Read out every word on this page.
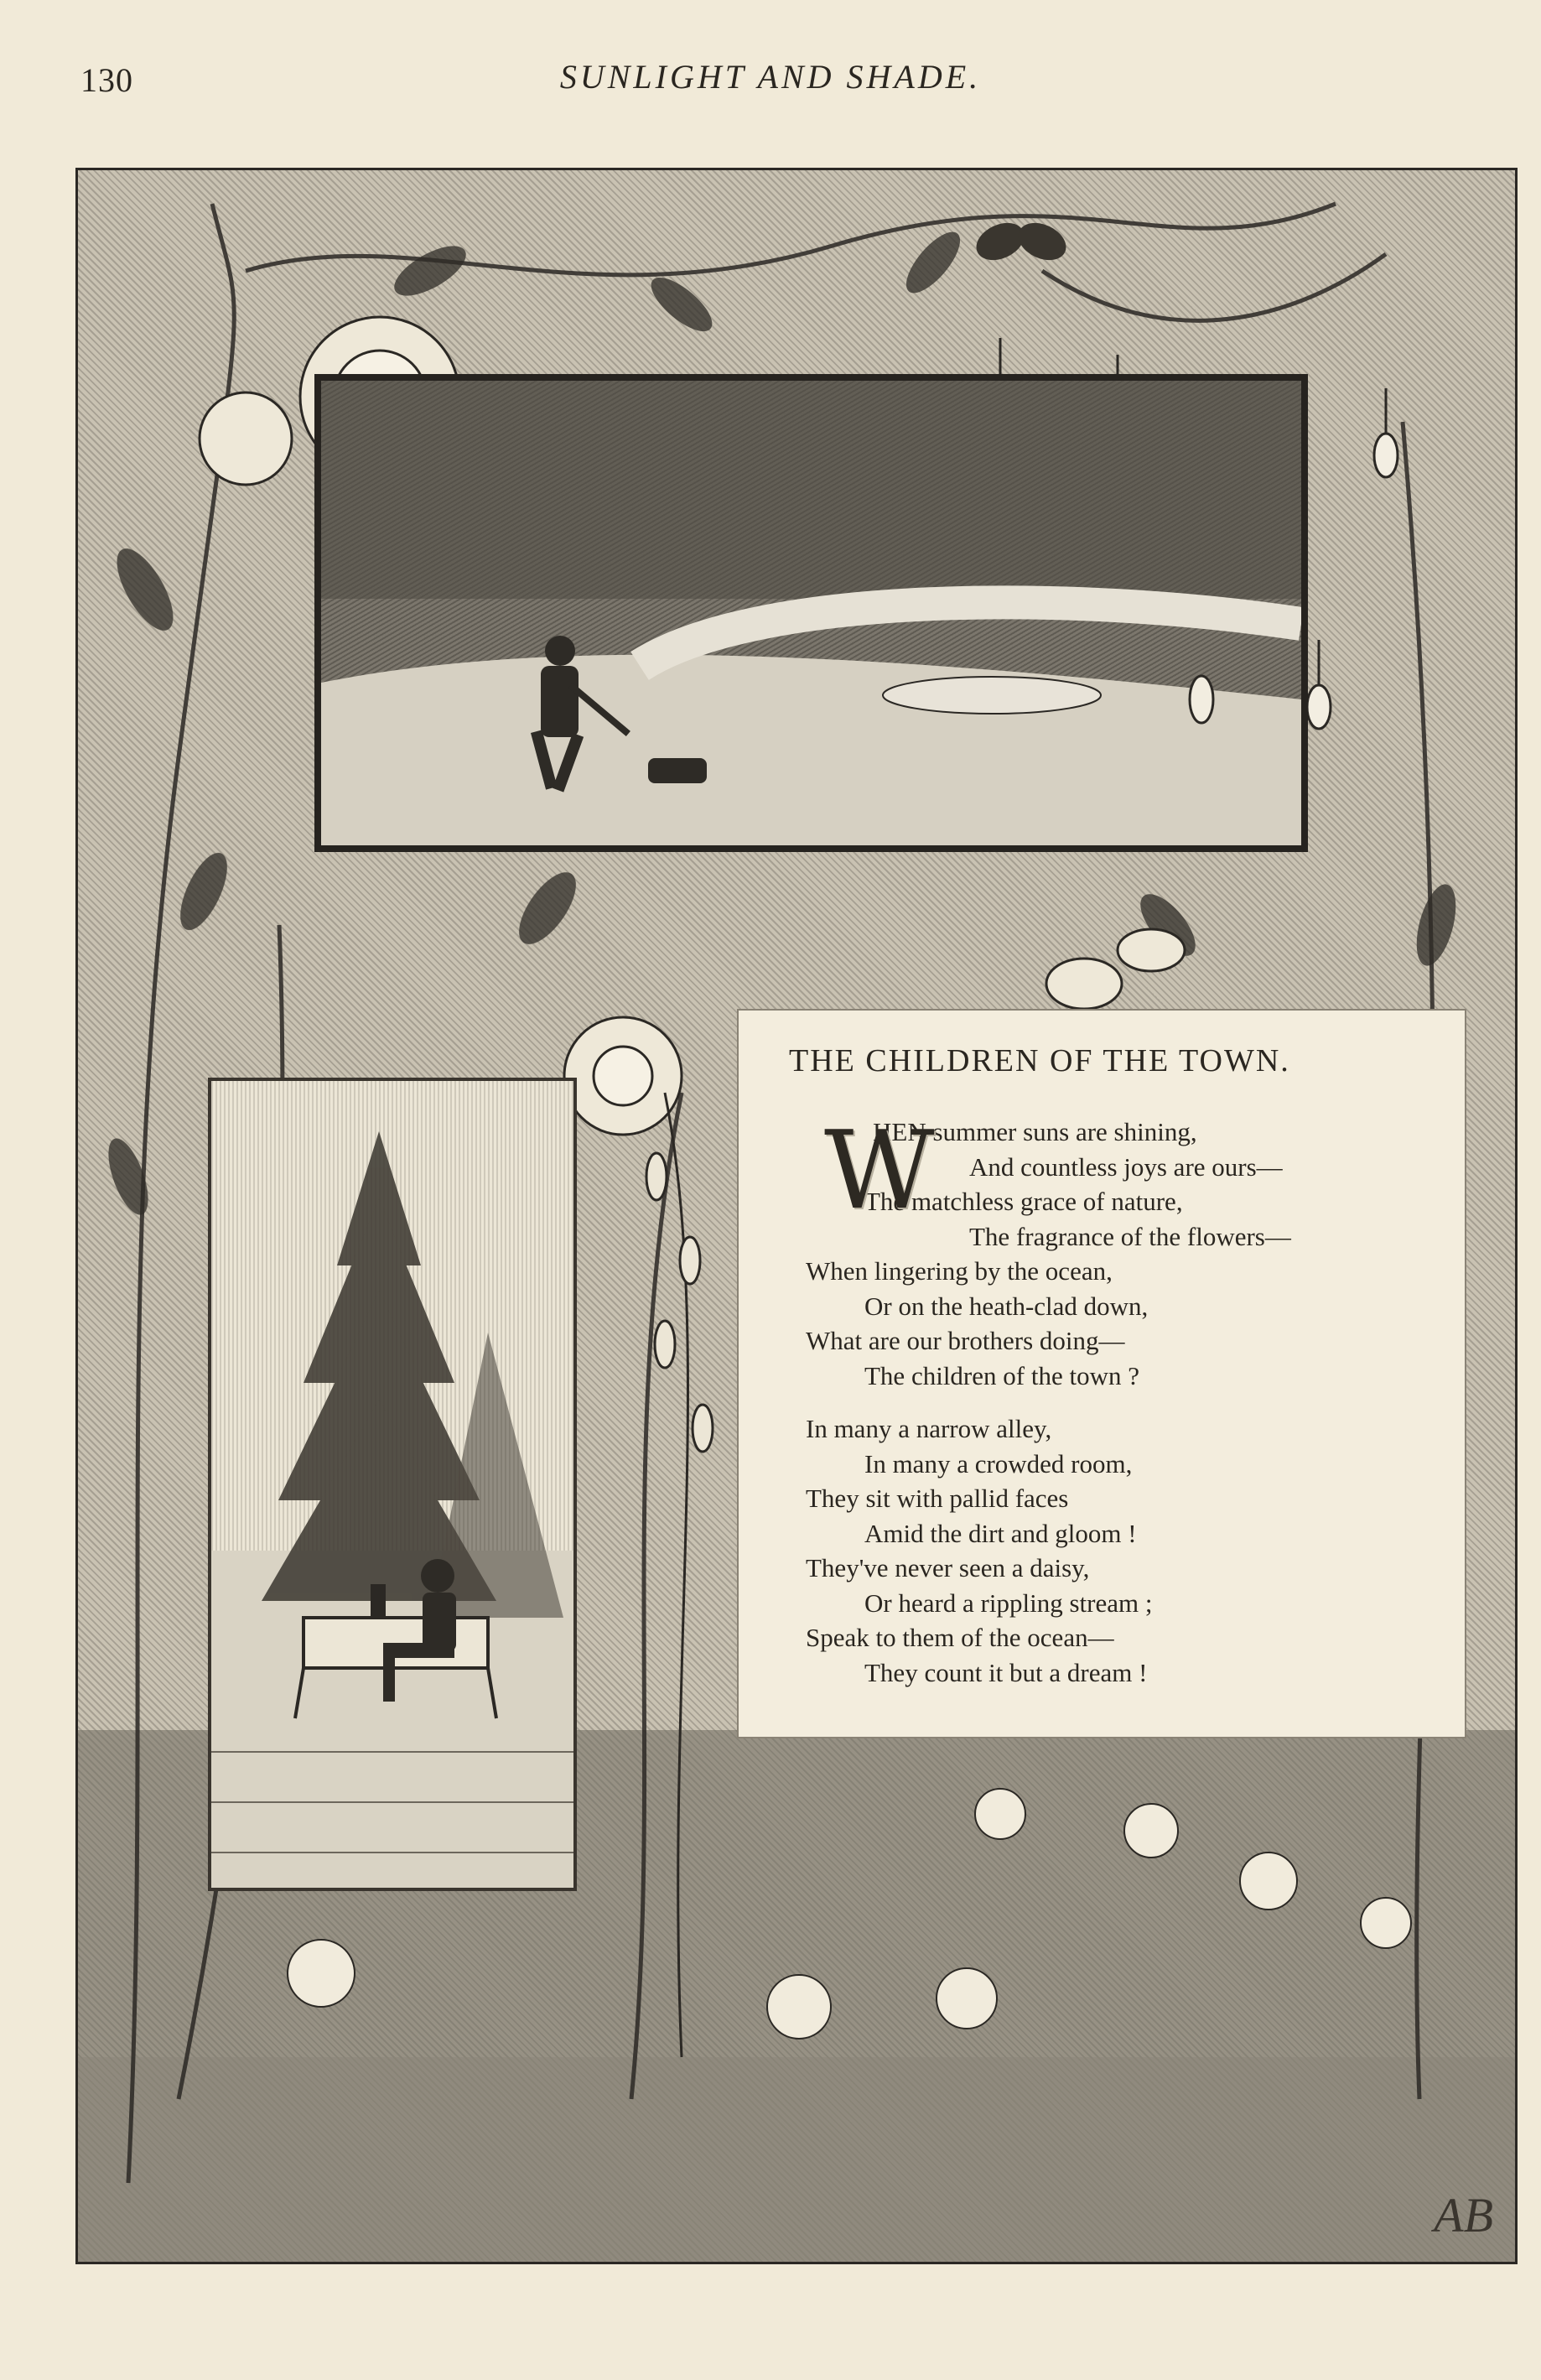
130	SUNLIGHT AND SHADE.
THE CHILDREN OF THE TOWN.
W
HEN summer suns are shining,
And countless joys are ours—
The matchless grace of nature,
The fragrance of the flowers—
When lingering by the ocean,
Or on the heath-clad down,
What are our brothers doing—
The children of the town ?
In many a narrow alley,
In many a crowded room,
They sit with pallid faces
Amid the dirt and gloom !
They've never seen a daisy,
Or heard a rippling stream ;
Speak to them of the ocean—
They count it but a dream !
AB
